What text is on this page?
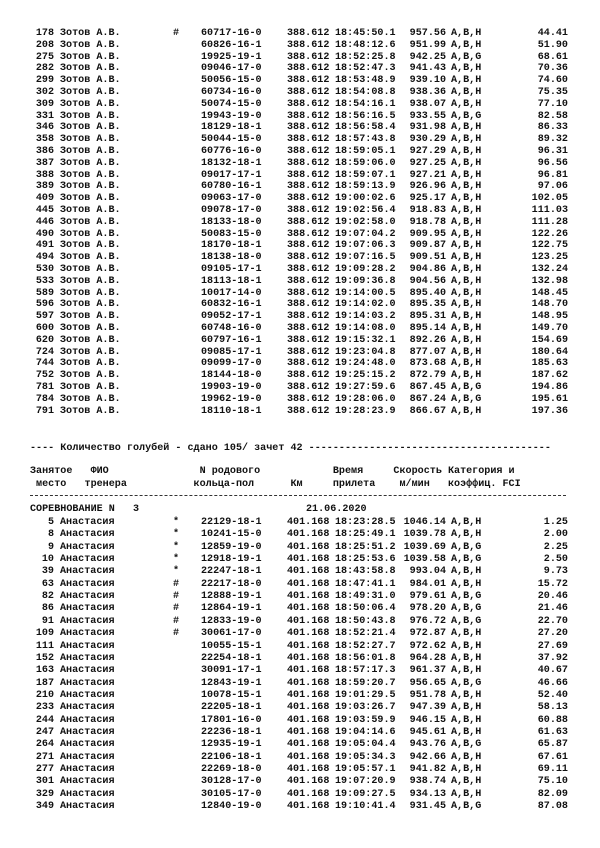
178 Зотов А.В.	# 60717-16-0	388.612 18:45:50.1	957.56 A,B,H	44.41
208 Зотов А.В.	60826-16-1	388.612 18:48:12.6	951.99 A,B,H	51.90
275 Зотов А.В.	19925-19-1	388.612 18:52:25.8	942.25 A,B,G	68.61
282 Зотов А.В.	09046-17-0	388.612 18:52:47.3	941.43 A,B,H	70.36
299 Зотов А.В.	50056-15-0	388.612 18:53:48.9	939.10 A,B,H	74.60
302 Зотов А.В.	60734-16-0	388.612 18:54:08.8	938.36 A,B,H	75.35
309 Зотов А.В.	50074-15-0	388.612 18:54:16.1	938.07 A,B,H	77.10
331 Зотов А.В.	19943-19-0	388.612 18:56:16.5	933.55 A,B,G	82.58
346 Зотов А.В.	18129-18-1	388.612 18:56:58.4	931.98 A,B,H	86.33
358 Зотов А.В.	50044-15-0	388.612 18:57:43.8	930.29 A,B,H	89.32
386 Зотов А.В.	60776-16-0	388.612 18:59:05.1	927.29 A,B,H	96.31
387 Зотов А.В.	18132-18-1	388.612 18:59:06.0	927.25 A,B,H	96.56
388 Зотов А.В.	09017-17-1	388.612 18:59:07.1	927.21 A,B,H	96.81
389 Зотов А.В.	60780-16-1	388.612 18:59:13.9	926.96 A,B,H	97.06
409 Зотов А.В.	09063-17-0	388.612 19:00:02.6	925.17 A,B,H	102.05
445 Зотов А.В.	09078-17-0	388.612 19:02:56.4	918.83 A,B,H	111.03
446 Зотов А.В.	18133-18-0	388.612 19:02:58.0	918.78 A,B,H	111.28
490 Зотов А.В.	50083-15-0	388.612 19:07:04.2	909.95 A,B,H	122.26
491 Зотов А.В.	18170-18-1	388.612 19:07:06.3	909.87 A,B,H	122.75
494 Зотов А.В.	18138-18-0	388.612 19:07:16.5	909.51 A,B,H	123.25
530 Зотов А.В.	09105-17-1	388.612 19:09:28.2	904.86 A,B,H	132.24
533 Зотов А.В.	18113-18-1	388.612 19:09:36.8	904.56 A,B,H	132.98
589 Зотов А.В.	10017-14-0	388.612 19:14:00.5	895.40 A,B,H	148.45
596 Зотов А.В.	60832-16-1	388.612 19:14:02.0	895.35 A,B,H	148.70
597 Зотов А.В.	09052-17-1	388.612 19:14:03.2	895.31 A,B,H	148.95
600 Зотов А.В.	60748-16-0	388.612 19:14:08.0	895.14 A,B,H	149.70
620 Зотов А.В.	60797-16-1	388.612 19:15:32.1	892.26 A,B,H	154.69
724 Зотов А.В.	09085-17-1	388.612 19:23:04.8	877.07 A,B,H	180.64
744 Зотов А.В.	09099-17-0	388.612 19:24:48.0	873.68 A,B,H	185.63
752 Зотов А.В.	18144-18-0	388.612 19:25:15.2	872.79 A,B,H	187.62
781 Зотов А.В.	19903-19-0	388.612 19:27:59.6	867.45 A,B,G	194.86
784 Зотов А.В.	19962-19-0	388.612 19:28:06.0	867.24 A,B,G	195.61
791 Зотов А.В.	18110-18-1	388.612 19:28:23.9	866.67 A,B,H	197.36

---- Количество голубей - сдано 105/ зачет 42 ----------------------------------------

Занятое   ФИО               N родового            Время     Скорость Категория и

место   тренера           кольца-пол      Км     прилета    м/мин   коэффиц. FCI

СОРЕВНОВАНИЕ N   3

	21.06.2020

5 Анастасия	* 22129-18-1	401.168 18:23:28.5 1046.14 A,B,H	1.25
8 Анастасия	* 10241-15-0	401.168 18:25:49.1 1039.78 A,B,H	2.00
9 Анастасия	* 12859-19-0	401.168 18:25:51.2 1039.69 A,B,G	2.25
10 Анастасия	* 12918-19-1	401.168 18:25:53.6 1039.58 A,B,G	2.50
39 Анастасия	* 22247-18-1	401.168 18:43:58.8	993.04 A,B,H	9.73
63 Анастасия	# 22217-18-0	401.168 18:47:41.1	984.01 A,B,H	15.72
82 Анастасия	# 12888-19-1	401.168 18:49:31.0	979.61 A,B,G	20.46
86 Анастасия	# 12864-19-1	401.168 18:50:06.4	978.20 A,B,G	21.46
91 Анастасия	# 12833-19-0	401.168 18:50:43.8	976.72 A,B,G	22.70
109 Анастасия	# 30061-17-0	401.168 18:52:21.4	972.87 A,B,H	27.20
111 Анастасия	10055-15-1	401.168 18:52:27.7	972.62 A,B,H	27.69
152 Анастасия	22254-18-1	401.168 18:56:01.8	964.28 A,B,H	37.92
163 Анастасия	30091-17-1	401.168 18:57:17.3	961.37 A,B,H	40.67
187 Анастасия	12843-19-1	401.168 18:59:20.7	956.65 A,B,G	46.66
210 Анастасия	10078-15-1	401.168 19:01:29.5	951.78 A,B,H	52.40
233 Анастасия	22205-18-1	401.168 19:03:26.7	947.39 A,B,H	58.13
244 Анастасия	17801-16-0	401.168 19:03:59.9	946.15 A,B,H	60.88
247 Анастасия	22236-18-1	401.168 19:04:14.6	945.61 A,B,H	61.63
264 Анастасия	12935-19-1	401.168 19:05:04.4	943.76 A,B,G	65.87
271 Анастасия	22106-18-1	401.168 19:05:34.3	942.66 A,B,H	67.61
277 Анастасия	22269-18-0	401.168 19:05:57.1	941.82 A,B,H	69.11
301 Анастасия	30128-17-0	401.168 19:07:20.9	938.74 A,B,H	75.10
329 Анастасия	30105-17-0	401.168 19:09:27.5	934.13 A,B,H	82.09
349 Анастасия	12840-19-0	401.168 19:10:41.4	931.45 A,B,G	87.08
